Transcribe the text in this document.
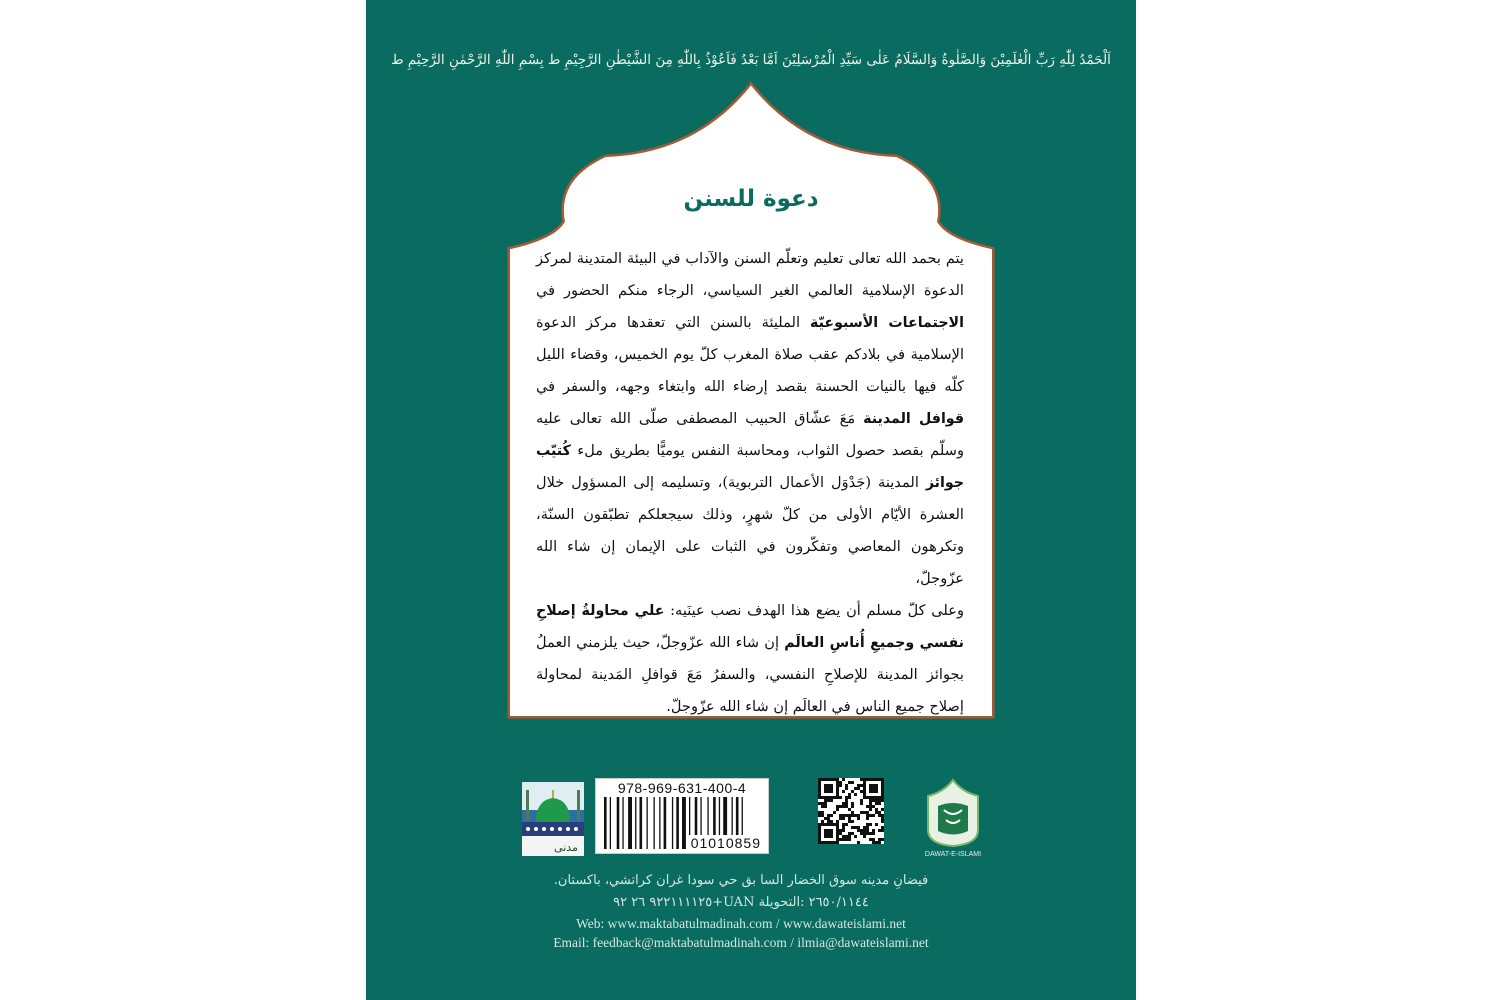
اَلْحَمْدُ لِلّٰهِ رَبِّ الْعٰلَمِيْنَ وَالصَّلٰوةُ وَالسَّلَامُ عَلٰى سَيِّدِ الْمُرْسَلِيْنَ اَمَّا بَعْدُ فَاَعُوْذُ بِاللّٰهِ مِنَ الشَّيْطٰنِ الرَّجِيْمِ ط بِسْمِ اللّٰهِ الرَّحْمٰنِ الرَّحِيْمِ ط
دعوة للسنن

يتم بحمد الله تعالى تعليم وتعلّم السنن والآداب في البيئة المتدينة لمركز الدعوة الإسلامية العالمي الغير السياسي، الرجاء منكم الحضور في الاجتماعات الأسبوعيّة المليئة بالسنن التي تعقدها مركز الدعوة الإسلامية في بلادكم عقب صلاة المغرب كلّ يوم الخميس، وقضاء الليل كلّه فيها بالنيات الحسنة بقصد إرضاء الله وابتغاء وجهه، والسفر في قوافل المدينة مَعَ عشّاق الحبيب المصطفى صلّى الله تعالى عليه وسلّم بقصد حصول الثواب، ومحاسبة النفس يوميًّا بطريق ملء كُتيّب جوائز المدينة (جَدْوَل الأعمال التربوية)، وتسليمه إلى المسؤول خلال العشرة الأيّام الأولى من كلّ شهرٍ، وذلك سيجعلكم تطبّقون السنّة، وتكرهون المعاصي وتفكّرون في الثبات على الإيمان إن شاء الله عزّوجلّ،

وعلى كلّ مسلم أن يضع هذا الهدف نصب عينَيه: علي محاولةُ إصلاحِ نفسي وجميعِ أُناسِ العالَم إن شاء الله عزّوجلّ، حيث يلزمني العملُ بجوائز المدينة للإصلاحِ النفسي، والسفرُ مَعَ قوافلِ المَدينة لمحاولة إصلاح جميع الناس في العالَم إن شاء الله عزّوجلّ.

مدنی
978-969-631-400-4
01010859
DAWAT-E-ISLAMI
فيضانِ مدينه سوق الخضار السا بق حي سودا غران كراتشي، باكستان.
٢٦٥٠/١١٤٤ :التحويلة UAN+٩٢٢١١١١٢٥ ٢٦ ٩٢
Web: www.maktabatulmadinah.com / www.dawateislami.net
Email: feedback@maktabatulmadinah.com / ilmia@dawateislami.net
